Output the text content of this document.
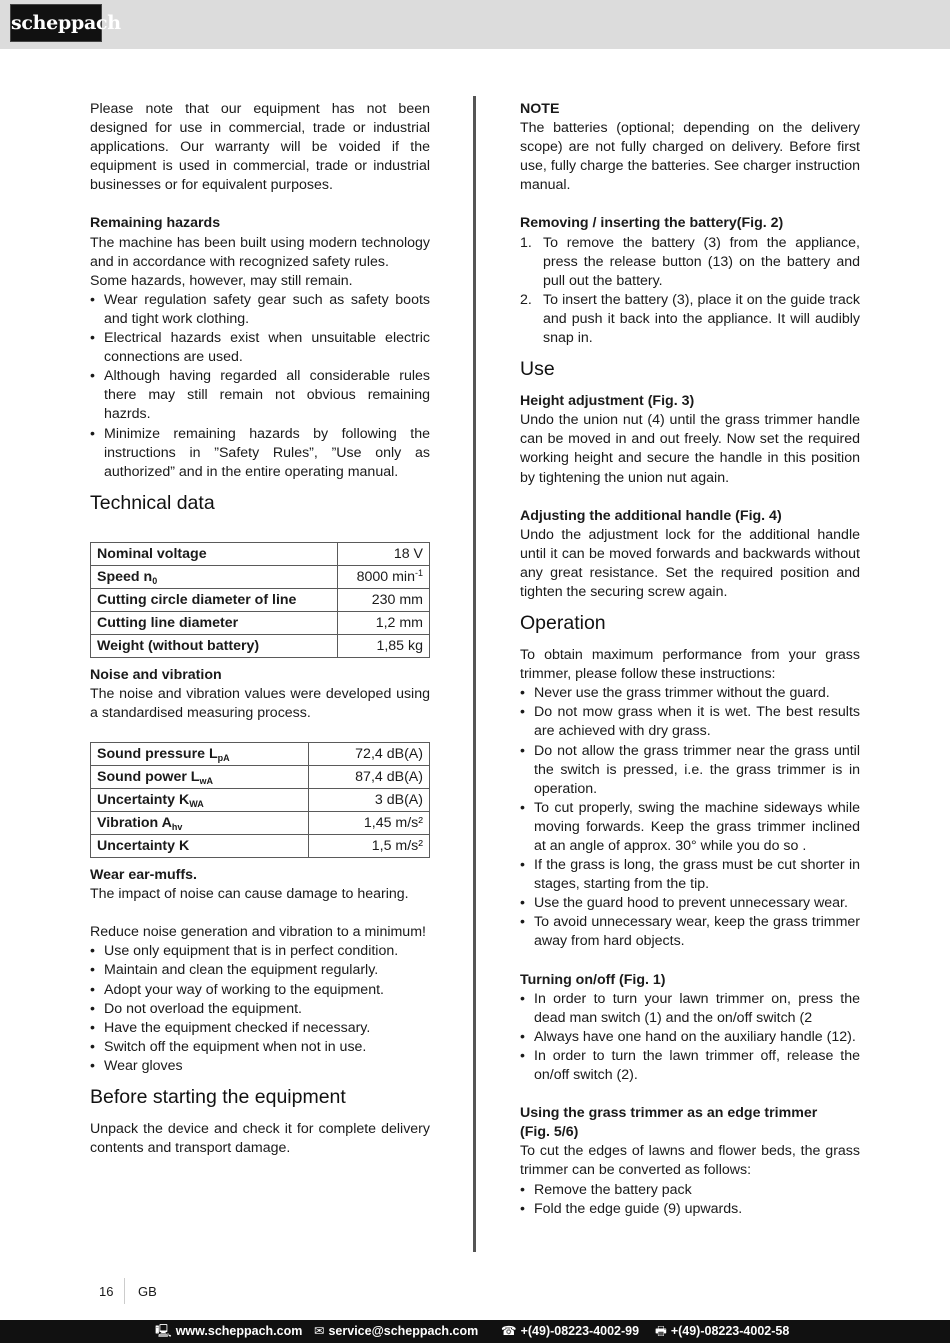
scheppach

Please note that our equipment has not been designed for use in commercial, trade or industrial applications. Our warranty will be voided if the equipment is used in commercial, trade or industrial businesses or for equivalent purposes.

Remaining hazards

The machine has been built using modern technology and in accordance with recognized safety rules.

Some hazards, however, may still remain.

• Wear regulation safety gear such as safety boots and tight work clothing.
• Electrical hazards exist when unsuitable electric connections are used.
• Although having regarded all considerable rules there may still remain not obvious remaining hazrds.
• Minimize remaining hazards by following the instructions in ”Safety Rules”, ”Use only as authorized” and in the entire operating manual.
Technical data
Nominal voltage	18 V
Speed $n_0$	8000 $\min^{-1}$
Cutting circle diameter of line	230 mm
Cutting line diameter	1,2 mm
Weight (without battery)	1,85 kg

Noise and vibration

The noise and vibration values were developed using a standardised measuring process.

Sound pressure $L_{pA}$	72,4 dB(A)
Sound power $L_{wA}$	87,4 dB(A)
Uncertainty $K_{WA}$	3 dB(A)
Vibration $A_{hv}$	1,45 m/s²
Uncertainty K	1,5 m/s²

Wear ear-muffs.

The impact of noise can cause damage to hearing.

Reduce noise generation and vibration to a minimum!

• Use only equipment that is in perfect condition.
• Maintain and clean the equipment regularly.
• Adopt your way of working to the equipment.
• Do not overload the equipment.
• Have the equipment checked if necessary.
• Switch off the equipment when not in use.
• Wear gloves
Before starting the equipment

Unpack the device and check it for complete delivery contents and transport damage.

NOTE

The batteries (optional; depending on the delivery scope) are not fully charged on delivery. Before first use, fully charge the batteries. See charger instruction manual.

Removing / inserting the battery(Fig. 2)

1. To remove the battery (3) from the appliance, press the release button (13) on the battery and pull out the battery.
2. To insert the battery (3), place it on the guide track and push it back into the appliance. It will audibly snap in.
Use

Height adjustment (Fig. 3)

Undo the union nut (4) until the grass trimmer handle can be moved in and out freely. Now set the required working height and secure the handle in this position by tightening the union nut again.

Adjusting the additional handle (Fig. 4)

Undo the adjustment lock for the additional handle until it can be moved forwards and backwards without any great resistance. Set the required position and tighten the securing screw again.

Operation

To obtain maximum performance from your grass trimmer, please follow these instructions:

• Never use the grass trimmer without the guard.
• Do not mow grass when it is wet. The best results are achieved with dry grass.
• Do not allow the grass trimmer near the grass until the switch is pressed, i.e. the grass trimmer is in operation.
• To cut properly, swing the machine sideways while moving forwards. Keep the grass trimmer inclined at an angle of approx. 30° while you do so .
• If the grass is long, the grass must be cut shorter in stages, starting from the tip.
• Use the guard hood to prevent unnecessary wear.
• To avoid unnecessary wear, keep the grass trimmer away from hard objects.

Turning on/off (Fig. 1)

• In order to turn your lawn trimmer on, press the dead man switch (1) and the on/off switch (2
• Always have one hand on the auxiliary handle (12).
• In order to turn the lawn trimmer off, release the on/off switch (2).

Using the grass trimmer as an edge trimmer

(Fig. 5/6)

To cut the edges of lawns and flower beds, the grass trimmer can be converted as follows:

• Remove the battery pack
• Fold the edge guide (9) upwards.
16 GB
🖳 www.scheppach.com ✉ service@scheppach.com ☎ +(49)-08223-4002-99 🖶 +(49)-08223-4002-58
